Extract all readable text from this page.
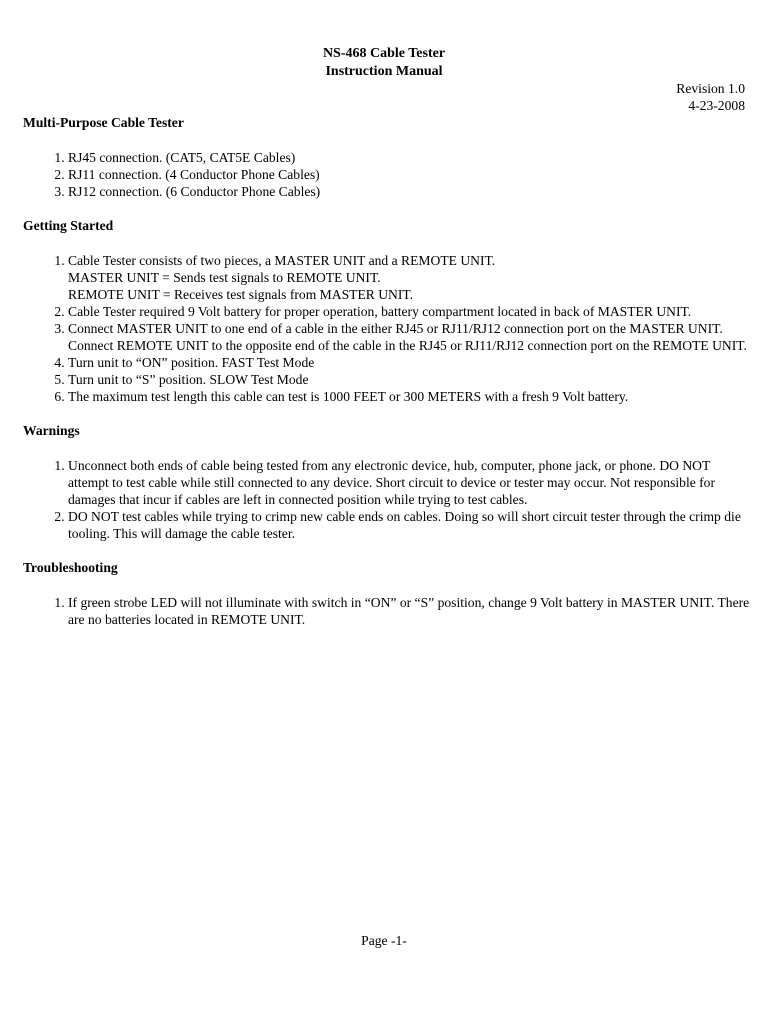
NS-468 Cable Tester
Instruction Manual
Revision 1.0
4-23-2008
Multi-Purpose Cable Tester
1. RJ45 connection. (CAT5, CAT5E Cables)
2. RJ11 connection. (4 Conductor Phone Cables)
3. RJ12 connection. (6 Conductor Phone Cables)
Getting Started
1. Cable Tester consists of two pieces, a MASTER UNIT and a REMOTE UNIT.
MASTER UNIT = Sends test signals to REMOTE UNIT.
REMOTE UNIT = Receives test signals from MASTER UNIT.
2. Cable Tester required 9 Volt battery for proper operation, battery compartment located in back of MASTER UNIT.
3. Connect MASTER UNIT to one end of a cable in the either RJ45 or RJ11/RJ12 connection port on the MASTER UNIT. Connect REMOTE UNIT to the opposite end of the cable in the RJ45 or RJ11/RJ12 connection port on the REMOTE UNIT.
4. Turn unit to “ON” position. FAST Test Mode
5. Turn unit to “S” position. SLOW Test Mode
6. The maximum test length this cable can test is 1000 FEET or 300 METERS with a fresh 9 Volt battery.
Warnings
1. Unconnect both ends of cable being tested from any electronic device, hub, computer, phone jack, or phone. DO NOT attempt to test cable while still connected to any device. Short circuit to device or tester may occur. Not responsible for damages that incur if cables are left in connected position while trying to test cables.
2. DO NOT test cables while trying to crimp new cable ends on cables. Doing so will short circuit tester through the crimp die tooling. This will damage the cable tester.
Troubleshooting
1. If green strobe LED will not illuminate with switch in “ON” or “S” position, change 9 Volt battery in MASTER UNIT. There are no batteries located in REMOTE UNIT.
Page -1-
